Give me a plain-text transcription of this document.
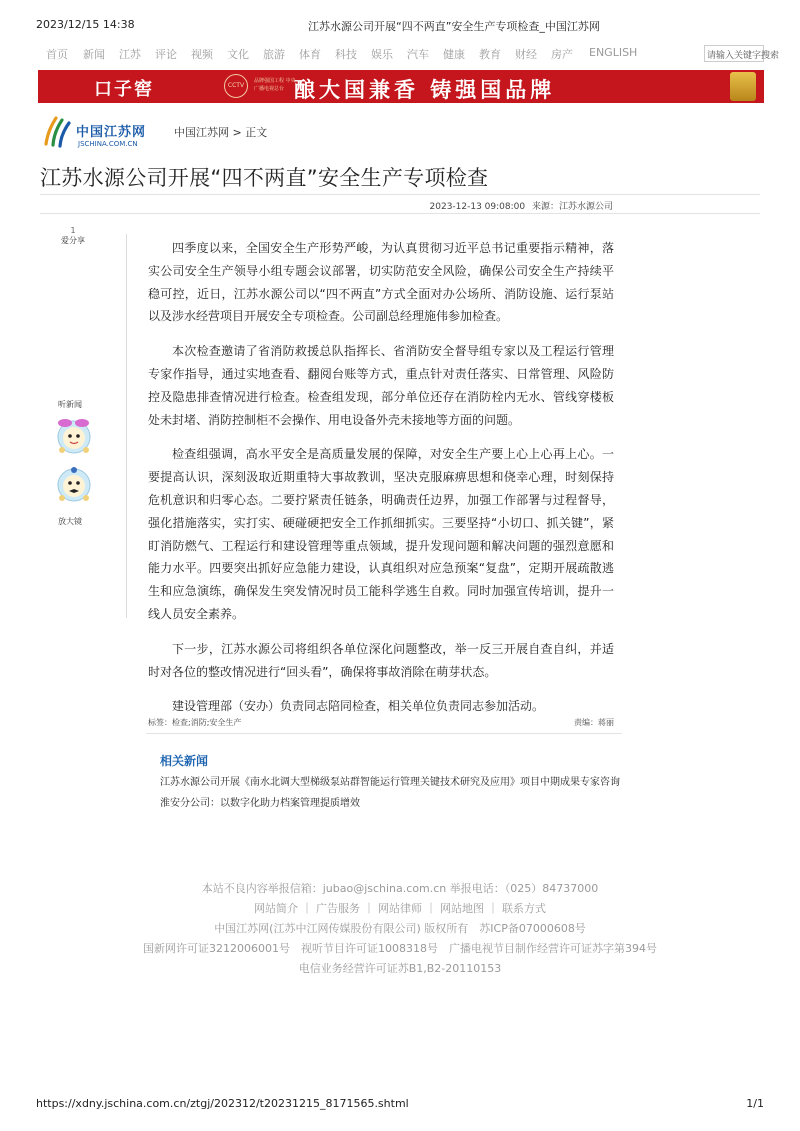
2023/12/15 14:38	江苏水源公司开展“四不两直”安全生产专项检查_中国江苏网
首页 新闻 江苏 评论 视频 文化 旅游 体育 科技 娱乐 汽车 健康 教育 财经 房产 ENGLISH	请输入关键字搜索
口子窖	CCTV
品牌强国工程 中央广播电视总台 酿大国兼香 铸强国品牌
中国江苏网
JSCHINA.COM.CN
中国江苏网 > 正文
江苏水源公司开展“四不两直”安全生产专项检查
2023-12-13 09:08:00 来源：江苏水源公司
1
爱分享
听新闻
放大镜

四季度以来，全国安全生产形势严峻，为认真贯彻习近平总书记重要指示精神，落实公司安全生产领导小组专题会议部署，切实防范安全风险，确保公司安全生产持续平稳可控，近日，江苏水源公司以“四不两直”方式全面对办公场所、消防设施、运行泵站以及涉水经营项目开展安全专项检查。公司副总经理施伟参加检查。

本次检查邀请了省消防救援总队指挥长、省消防安全督导组专家以及工程运行管理专家作指导，通过实地查看、翻阅台账等方式，重点针对责任落实、日常管理、风险防控及隐患排查情况进行检查。检查组发现，部分单位还存在消防栓内无水、管线穿楼板处未封堵、消防控制柜不会操作、用电设备外壳未接地等方面的问题。

检查组强调，高水平安全是高质量发展的保障，对安全生产要上心上心再上心。一要提高认识，深刻汲取近期重特大事故教训，坚决克服麻痹思想和侥幸心理，时刻保持危机意识和归零心态。二要拧紧责任链条，明确责任边界，加强工作部署与过程督导，强化措施落实，实打实、硬碰硬把安全工作抓细抓实。三要坚持“小切口、抓关键”，紧盯消防燃气、工程运行和建设管理等重点领域，提升发现问题和解决问题的强烈意愿和能力水平。四要突出抓好应急能力建设，认真组织对应急预案“复盘”，定期开展疏散逃生和应急演练，确保发生突发情况时员工能科学逃生自救。同时加强宣传培训，提升一线人员安全素养。

下一步，江苏水源公司将组织各单位深化问题整改，举一反三开展自查自纠，并适时对各位的整改情况进行“回头看”，确保将事故消除在萌芽状态。

建设管理部（安办）负责同志陪同检查，相关单位负责同志参加活动。

标签：检查;消防;安全生产	责编：蒋丽
相关新闻
江苏水源公司开展《南水北调大型梯级泵站群智能运行管理关键技术研究及应用》项目中期成果专家咨询
淮安分公司：以数字化助力档案管理提质增效
本站不良内容举报信箱：jubao@jschina.com.cn 举报电话：（025）84737000
网站简介 ｜ 广告服务 ｜ 网站律师 ｜ 网站地图 ｜ 联系方式
中国江苏网(江苏中江网传媒股份有限公司) 版权所有　苏ICP备07000608号
国新网许可证3212006001号　视听节目许可证1008318号　广播电视节目制作经营许可证苏字第394号
电信业务经营许可证苏B1,B2-20110153
https://xdny.jschina.com.cn/ztgj/202312/t20231215_8171565.shtml	1/1
